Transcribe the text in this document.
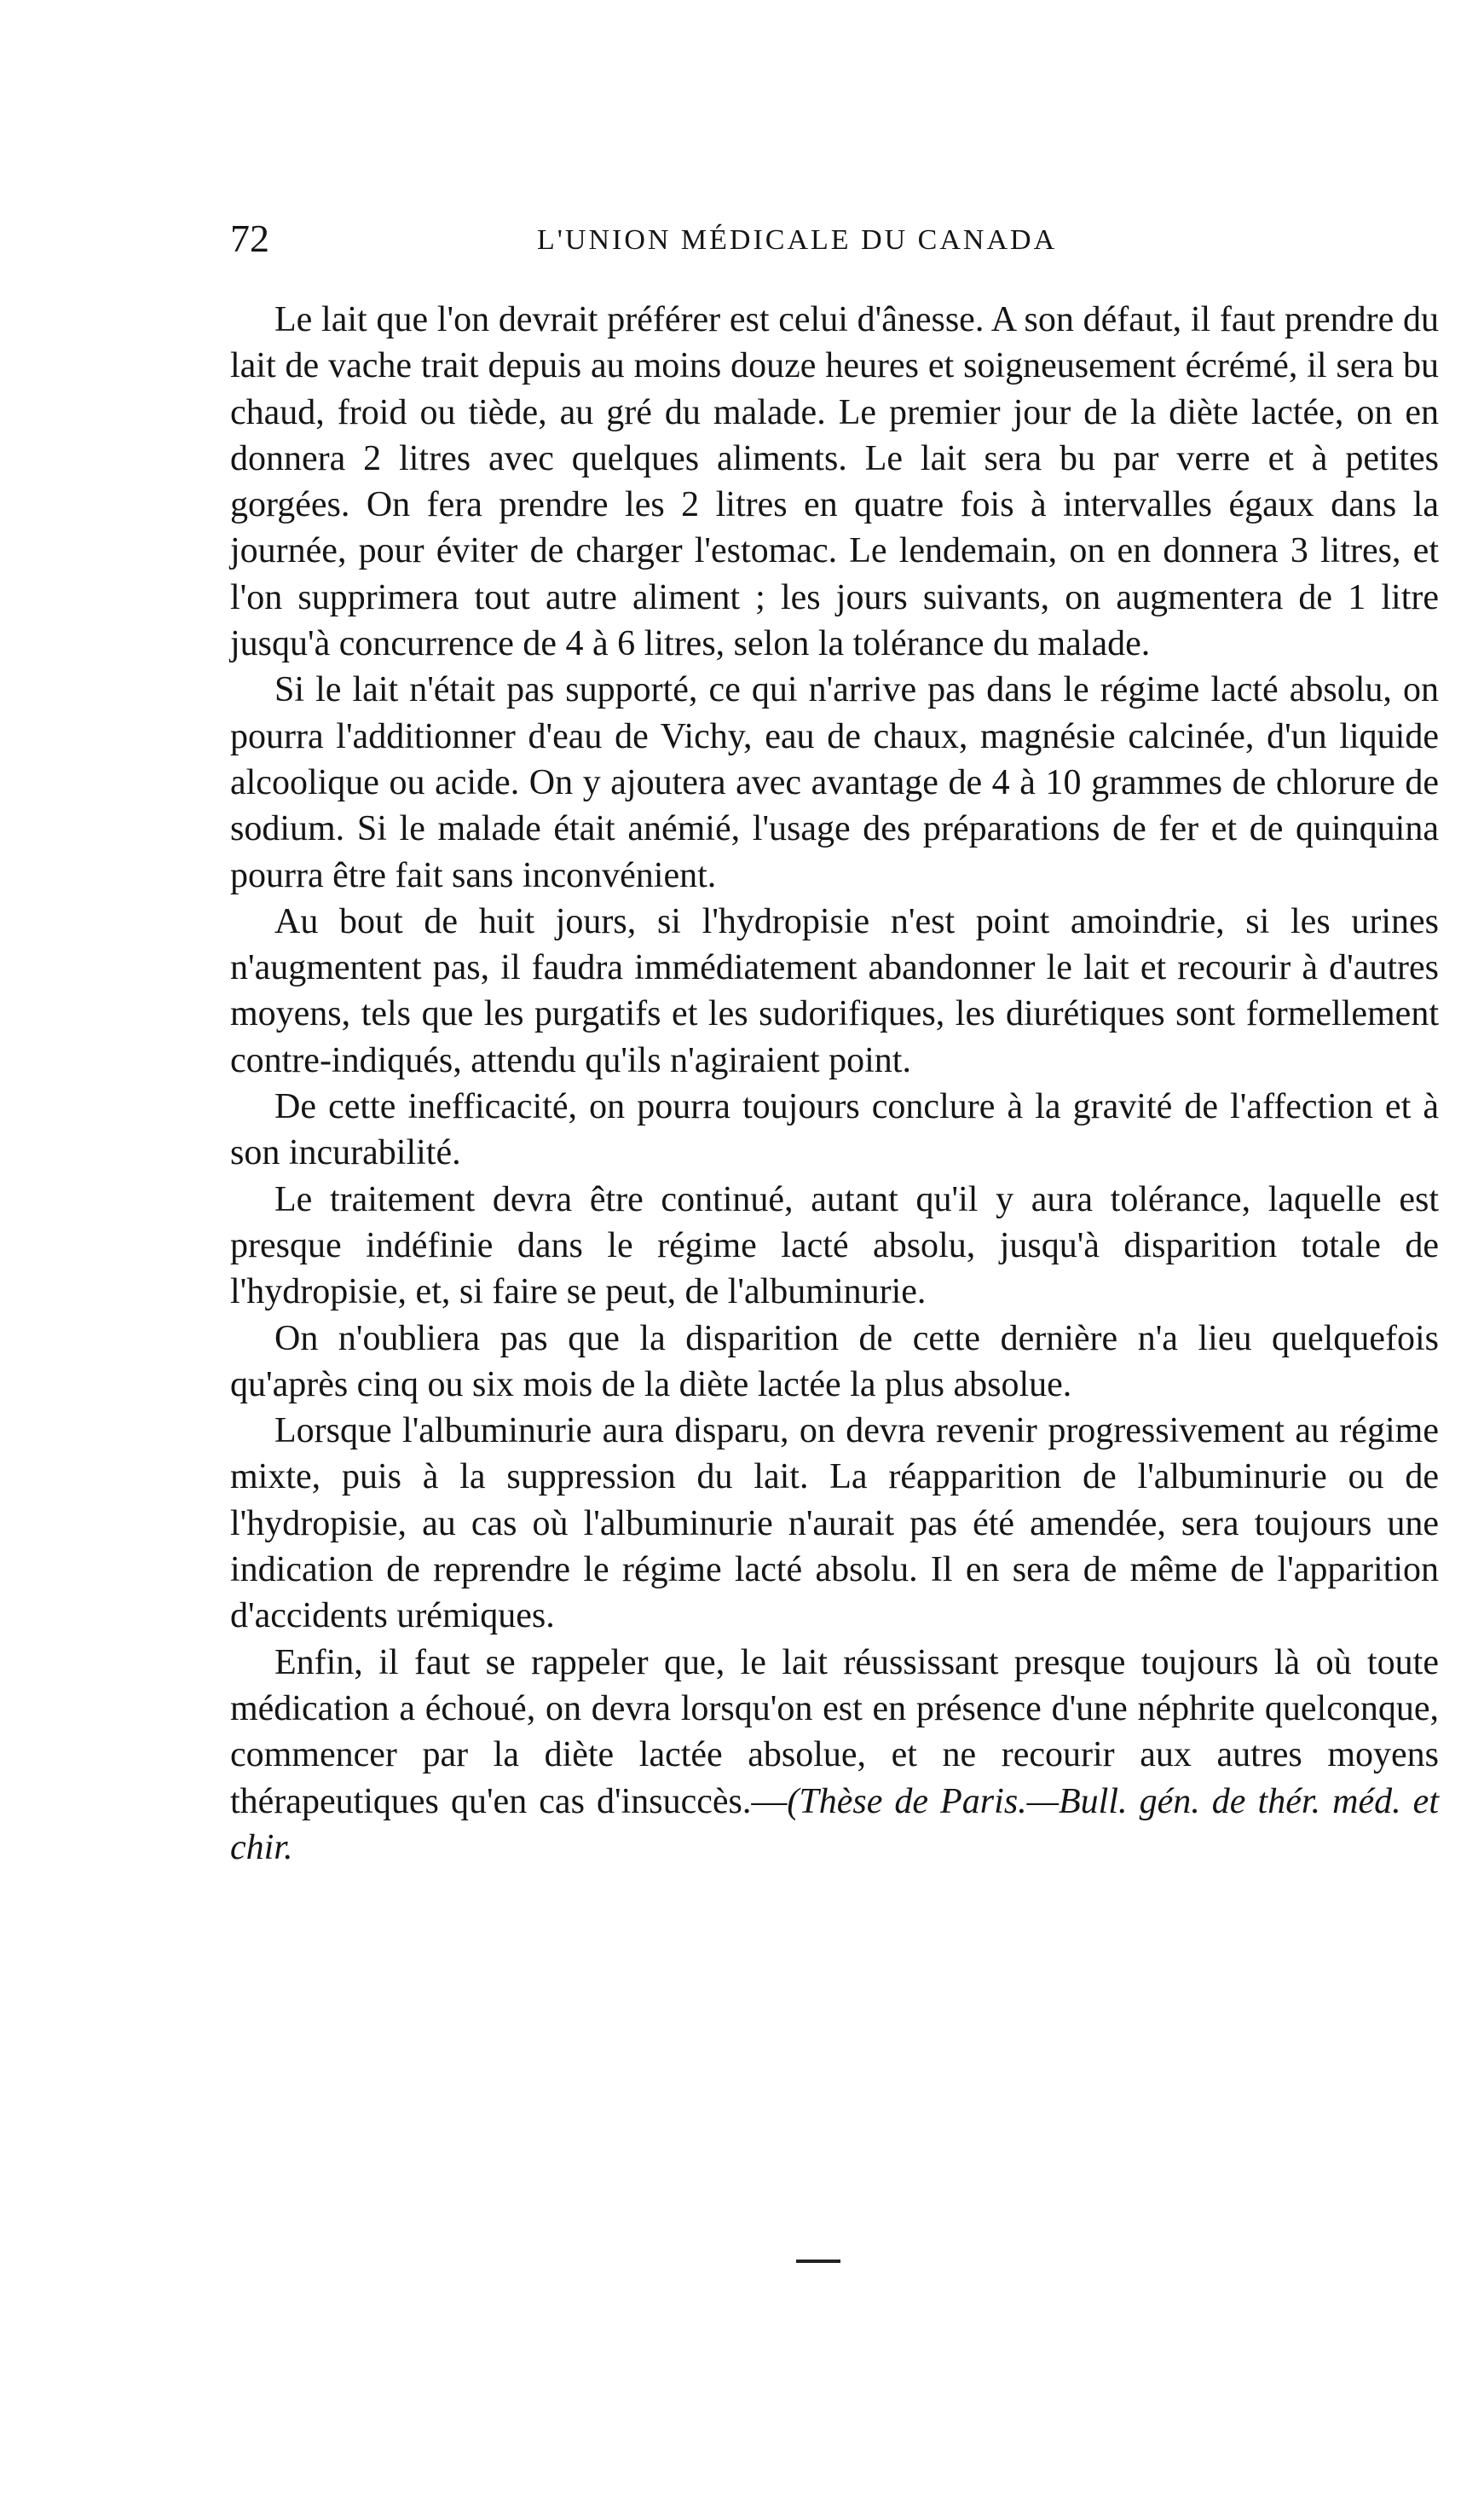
72	L'UNION MÉDICALE DU CANADA

Le lait que l'on devrait préférer est celui d'ânesse. A son défaut, il faut prendre du lait de vache trait depuis au moins douze heures et soigneusement écrémé, il sera bu chaud, froid ou tiède, au gré du malade. Le premier jour de la diète lactée, on en donnera 2 litres avec quelques aliments. Le lait sera bu par verre et à petites gorgées. On fera prendre les 2 litres en quatre fois à intervalles égaux dans la journée, pour éviter de charger l'estomac. Le lendemain, on en donnera 3 litres, et l'on supprimera tout autre aliment ; les jours suivants, on augmentera de 1 litre jusqu'à concurrence de 4 à 6 litres, selon la tolérance du malade.

Si le lait n'était pas supporté, ce qui n'arrive pas dans le régime lacté absolu, on pourra l'additionner d'eau de Vichy, eau de chaux, magnésie calcinée, d'un liquide alcoolique ou acide. On y ajoutera avec avantage de 4 à 10 grammes de chlorure de sodium. Si le malade était anémié, l'usage des préparations de fer et de quinquina pourra être fait sans inconvénient.

Au bout de huit jours, si l'hydropisie n'est point amoindrie, si les urines n'augmentent pas, il faudra immédiatement abandonner le lait et recourir à d'autres moyens, tels que les purgatifs et les sudorifiques, les diurétiques sont formellement contre-indiqués, attendu qu'ils n'agiraient point.

De cette inefficacité, on pourra toujours conclure à la gravité de l'affection et à son incurabilité.

Le traitement devra être continué, autant qu'il y aura tolérance, laquelle est presque indéfinie dans le régime lacté absolu, jusqu'à disparition totale de l'hydropisie, et, si faire se peut, de l'albuminurie.

On n'oubliera pas que la disparition de cette dernière n'a lieu quelquefois qu'après cinq ou six mois de la diète lactée la plus absolue.

Lorsque l'albuminurie aura disparu, on devra revenir progressivement au régime mixte, puis à la suppression du lait. La réapparition de l'albuminurie ou de l'hydropisie, au cas où l'albuminurie n'aurait pas été amendée, sera toujours une indication de reprendre le régime lacté absolu. Il en sera de même de l'apparition d'accidents urémiques.

Enfin, il faut se rappeler que, le lait réussissant presque toujours là où toute médication a échoué, on devra lorsqu'on est en présence d'une néphrite quelconque, commencer par la diète lactée absolue, et ne recourir aux autres moyens thérapeutiques qu'en cas d'insuccès.—(Thèse de Paris.—Bull. gén. de thér. méd. et chir.
